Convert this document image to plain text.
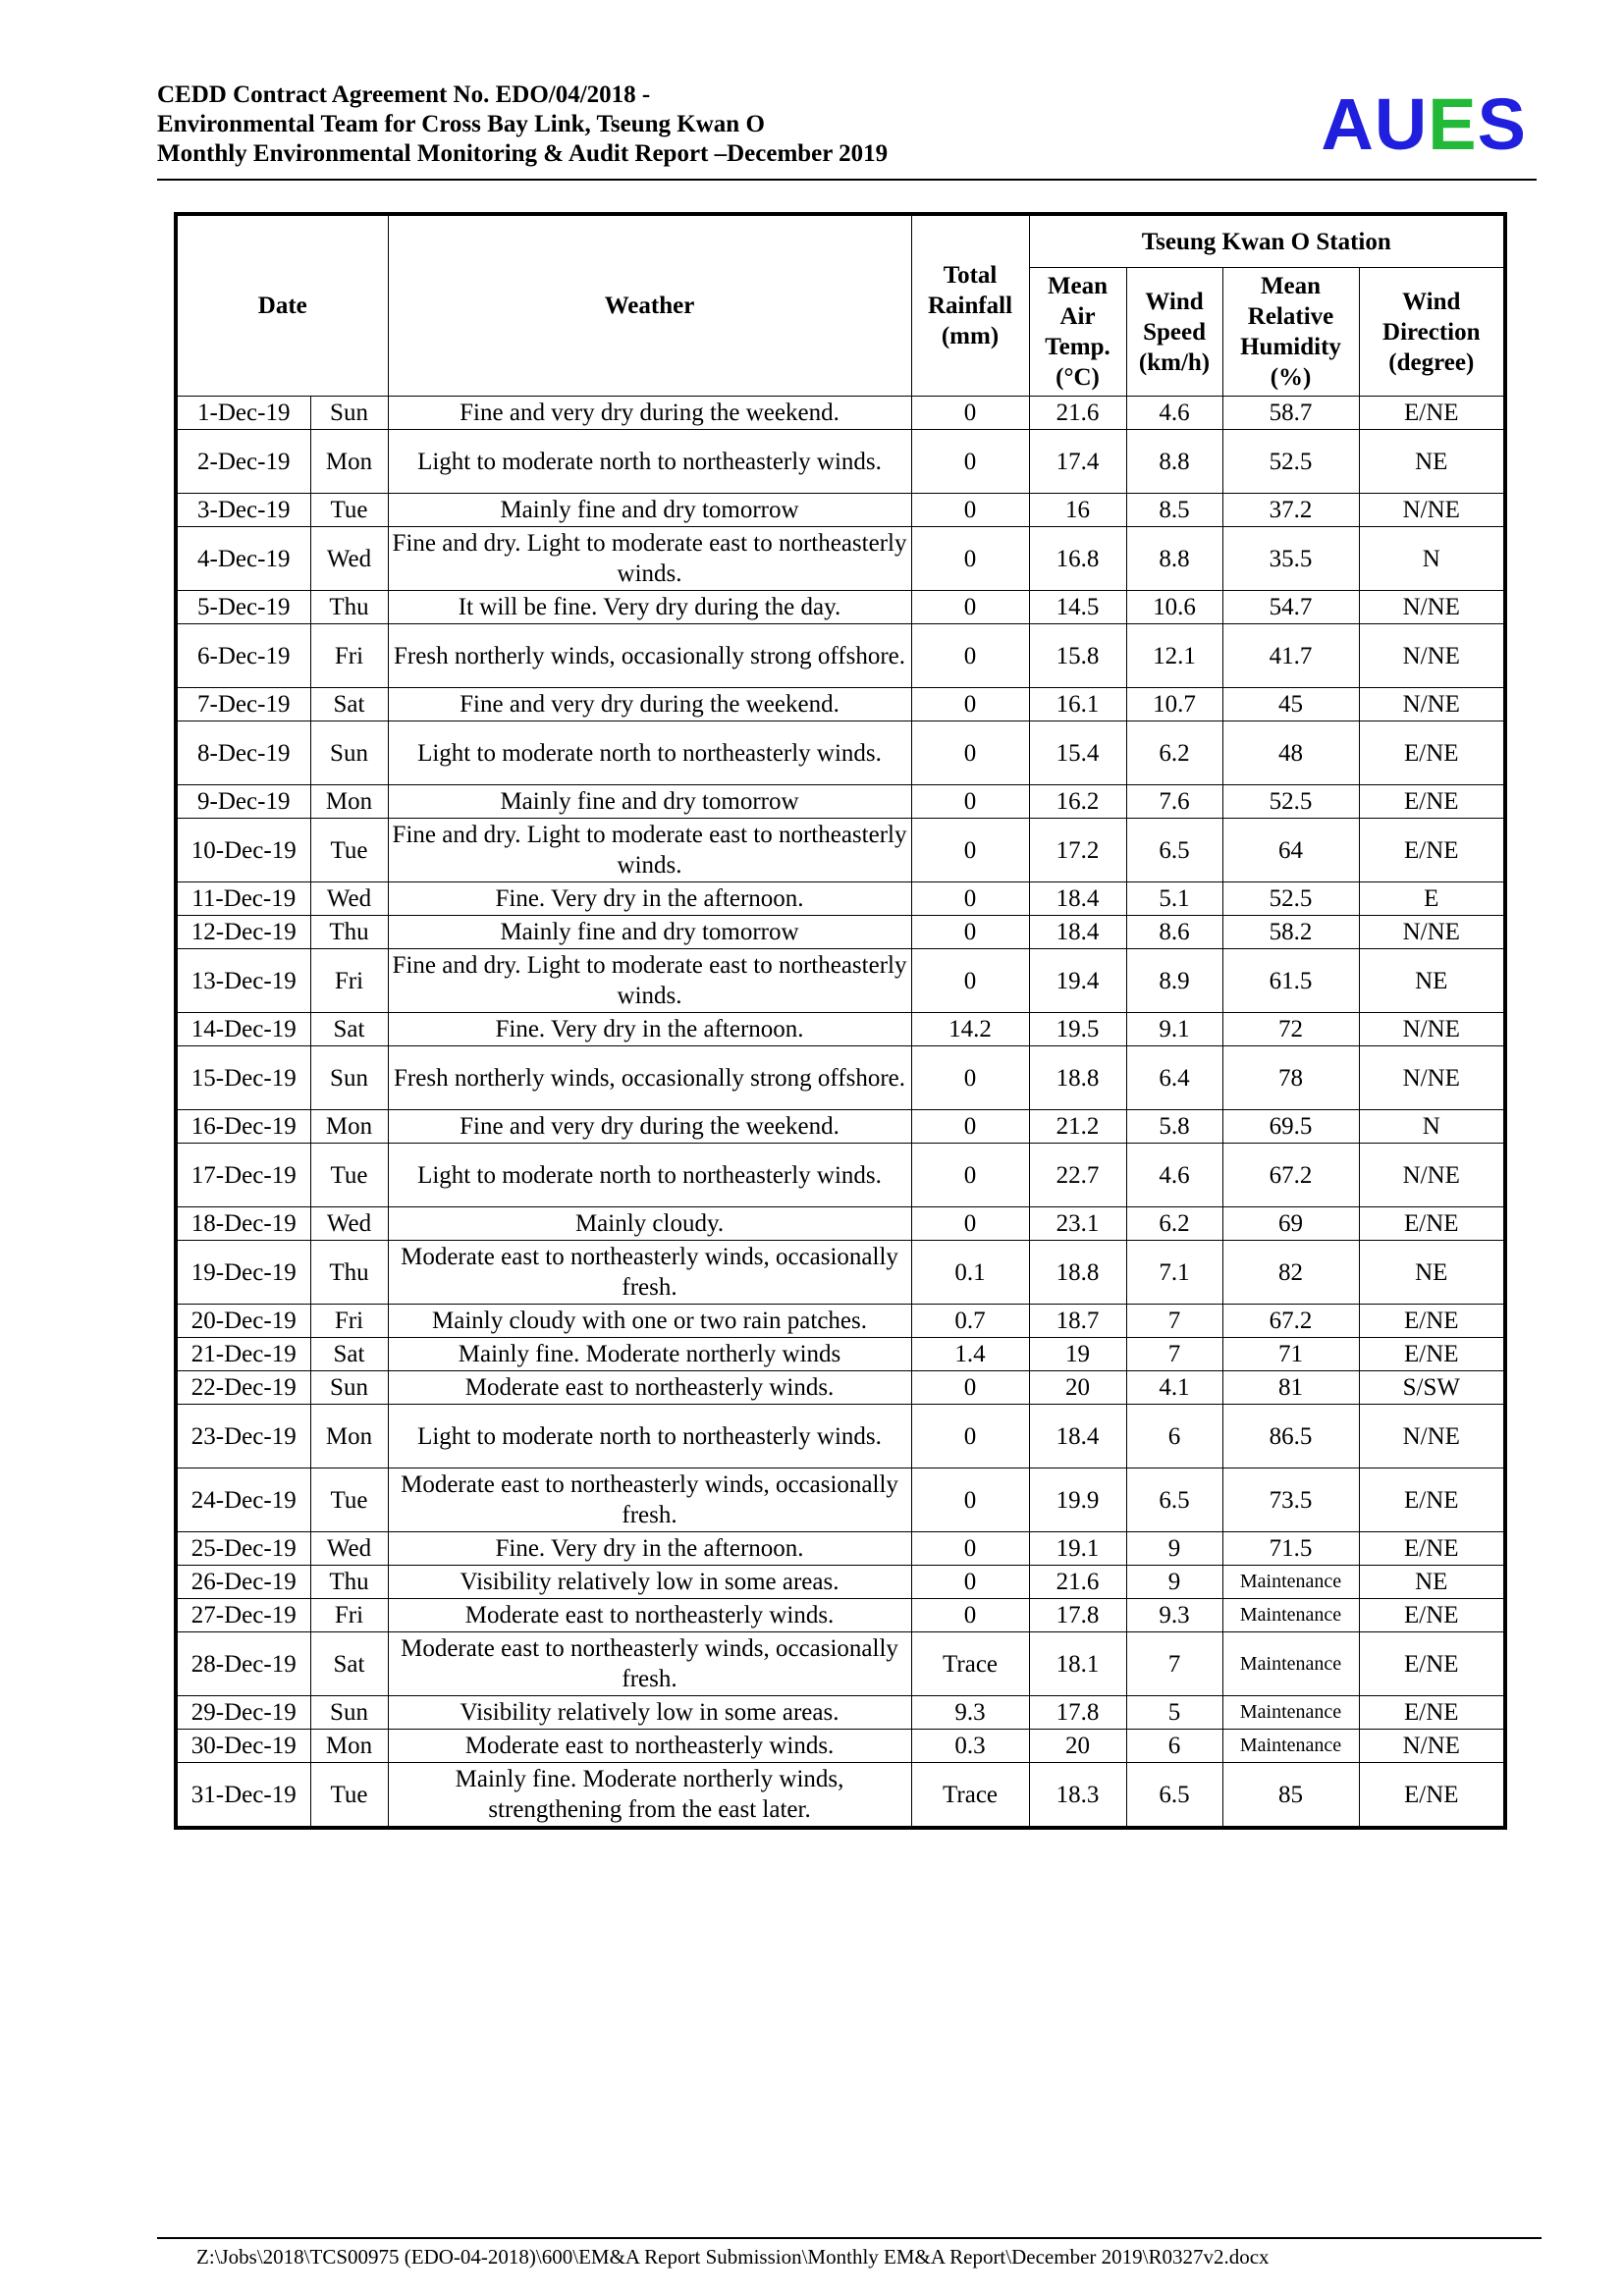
CEDD Contract Agreement No. EDO/04/2018 -
Environmental Team for Cross Bay Link, Tseung Kwan O
Monthly Environmental Monitoring & Audit Report –December 2019	AUES
Date		Weather	Total Rainfall (mm)	Tseung Kwan O Station			
				Mean Air Temp. (°C)	Wind Speed (km/h)	Mean Relative Humidity (%)	Wind Direction (degree)
1-Dec-19	Sun	Fine and very dry during the weekend.	0	21.6	4.6	58.7	E/NE
2-Dec-19	Mon	Light to moderate north to northeasterly winds.	0	17.4	8.8	52.5	NE
3-Dec-19	Tue	Mainly fine and dry tomorrow	0	16	8.5	37.2	N/NE
4-Dec-19	Wed	Fine and dry. Light to moderate east to northeasterly winds.	0	16.8	8.8	35.5	N
5-Dec-19	Thu	It will be fine. Very dry during the day.	0	14.5	10.6	54.7	N/NE
6-Dec-19	Fri	Fresh northerly winds, occasionally strong offshore.	0	15.8	12.1	41.7	N/NE
7-Dec-19	Sat	Fine and very dry during the weekend.	0	16.1	10.7	45	N/NE
8-Dec-19	Sun	Light to moderate north to northeasterly winds.	0	15.4	6.2	48	E/NE
9-Dec-19	Mon	Mainly fine and dry tomorrow	0	16.2	7.6	52.5	E/NE
10-Dec-19	Tue	Fine and dry. Light to moderate east to northeasterly winds.	0	17.2	6.5	64	E/NE
11-Dec-19	Wed	Fine. Very dry in the afternoon.	0	18.4	5.1	52.5	E
12-Dec-19	Thu	Mainly fine and dry tomorrow	0	18.4	8.6	58.2	N/NE
13-Dec-19	Fri	Fine and dry. Light to moderate east to northeasterly winds.	0	19.4	8.9	61.5	NE
14-Dec-19	Sat	Fine. Very dry in the afternoon.	14.2	19.5	9.1	72	N/NE
15-Dec-19	Sun	Fresh northerly winds, occasionally strong offshore.	0	18.8	6.4	78	N/NE
16-Dec-19	Mon	Fine and very dry during the weekend.	0	21.2	5.8	69.5	N
17-Dec-19	Tue	Light to moderate north to northeasterly winds.	0	22.7	4.6	67.2	N/NE
18-Dec-19	Wed	Mainly cloudy.	0	23.1	6.2	69	E/NE
19-Dec-19	Thu	Moderate east to northeasterly winds, occasionally fresh.	0.1	18.8	7.1	82	NE
20-Dec-19	Fri	Mainly cloudy with one or two rain patches.	0.7	18.7	7	67.2	E/NE
21-Dec-19	Sat	Mainly fine. Moderate northerly winds	1.4	19	7	71	E/NE
22-Dec-19	Sun	Moderate east to northeasterly winds.	0	20	4.1	81	S/SW
23-Dec-19	Mon	Light to moderate north to northeasterly winds.	0	18.4	6	86.5	N/NE
24-Dec-19	Tue	Moderate east to northeasterly winds, occasionally fresh.	0	19.9	6.5	73.5	E/NE
25-Dec-19	Wed	Fine. Very dry in the afternoon.	0	19.1	9	71.5	E/NE
26-Dec-19	Thu	Visibility relatively low in some areas.	0	21.6	9	Maintenance	NE
27-Dec-19	Fri	Moderate east to northeasterly winds.	0	17.8	9.3	Maintenance	E/NE
28-Dec-19	Sat	Moderate east to northeasterly winds, occasionally fresh.	Trace	18.1	7	Maintenance	E/NE
29-Dec-19	Sun	Visibility relatively low in some areas.	9.3	17.8	5	Maintenance	E/NE
30-Dec-19	Mon	Moderate east to northeasterly winds.	0.3	20	6	Maintenance	N/NE
31-Dec-19	Tue	Mainly fine. Moderate northerly winds, strengthening from the east later.	Trace	18.3	6.5	85	E/NE
Z:\Jobs\2018\TCS00975 (EDO-04-2018)\600\EM&A Report Submission\Monthly EM&A Report\December 2019\R0327v2.docx
